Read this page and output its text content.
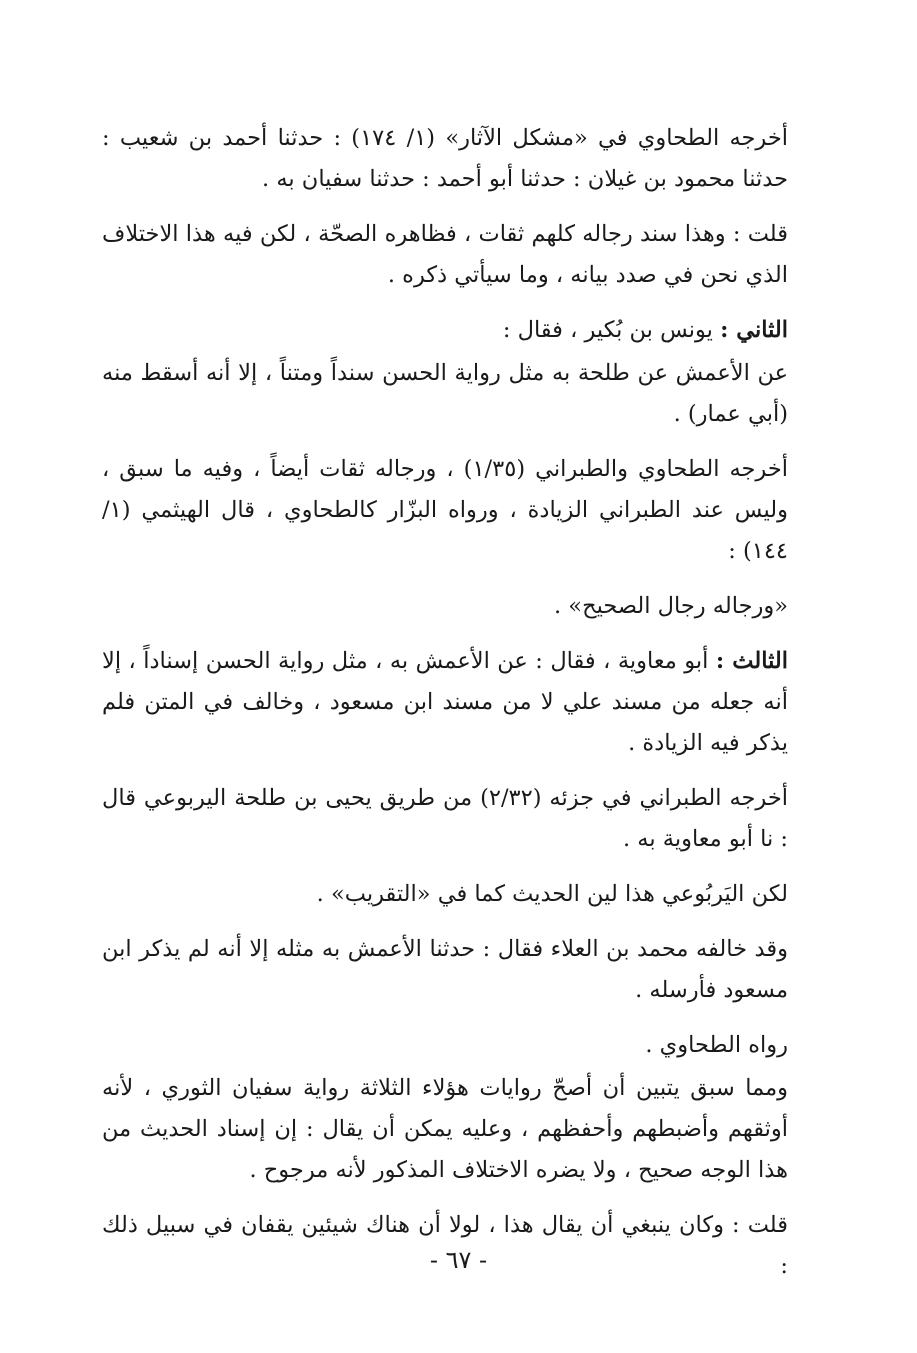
أخرجه الطحاوي في «مشكل الآثار» (١/ ١٧٤) : حدثنا أحمد بن شعيب : حدثنا محمود بن غيلان : حدثنا أبو أحمد : حدثنا سفيان به .

قلت : وهذا سند رجاله كلهم ثقات ، فظاهره الصحّة ، لكن فيه هذا الاختلاف الذي نحن في صدد بيانه ، وما سيأتي ذكره .

الثاني : يونس بن بُكير ، فقال :

عن الأعمش عن طلحة به مثل رواية الحسن سنداً ومتناً ، إلا أنه أسقط منه (أبي عمار) .

أخرجه الطحاوي والطبراني (١/٣٥) ، ورجاله ثقات أيضاً ، وفيه ما سبق ، وليس عند الطبراني الزيادة ، ورواه البزّار كالطحاوي ، قال الهيثمي (١/ ١٤٤) :

«ورجاله رجال الصحيح» .

الثالث : أبو معاوية ، فقال : عن الأعمش به ، مثل رواية الحسن إسناداً ، إلا أنه جعله من مسند علي لا من مسند ابن مسعود ، وخالف في المتن فلم يذكر فيه الزيادة .

أخرجه الطبراني في جزئه (٢/٣٢) من طريق يحيى بن طلحة اليربوعي قال : نا أبو معاوية به .

لكن اليَربُوعي هذا لين الحديث كما في «التقريب» .

وقد خالفه محمد بن العلاء فقال : حدثنا الأعمش به مثله إلا أنه لم يذكر ابن مسعود فأرسله .

رواه الطحاوي .

ومما سبق يتبين أن أصحّ روايات هؤلاء الثلاثة رواية سفيان الثوري ، لأنه أوثقهم وأضبطهم وأحفظهم ، وعليه يمكن أن يقال : إن إسناد الحديث من هذا الوجه صحيح ، ولا يضره الاختلاف المذكور لأنه مرجوح .

قلت : وكان ينبغي أن يقال هذا ، لولا أن هناك شيئين يقفان في سبيل ذلك :

- ٦٧ -
